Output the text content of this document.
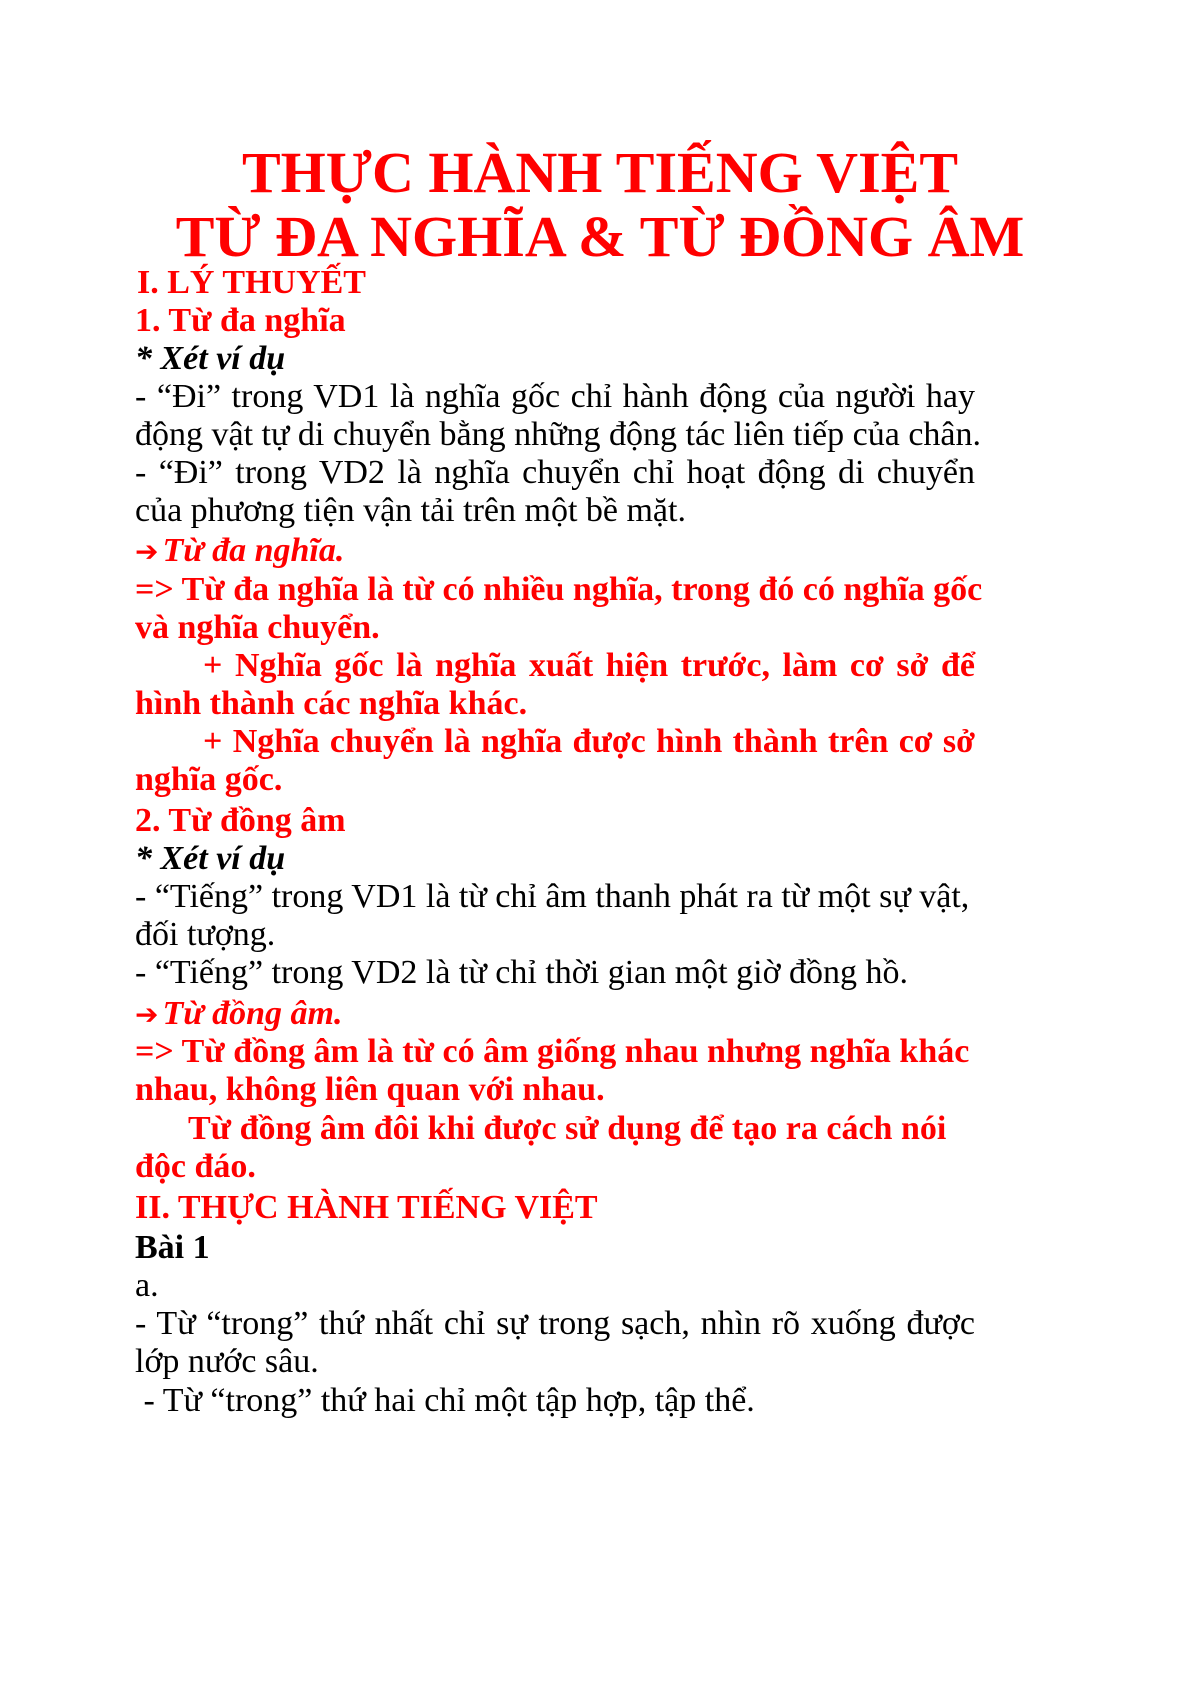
THỰC HÀNH TIẾNG VIỆT
TỪ ĐA NGHĨA & TỪ ĐỒNG ÂM
I. LÝ THUYẾT
1. Từ đa nghĩa
* Xét ví dụ
- “Đi” trong VD1 là nghĩa gốc chỉ hành động của người hay
động vật tự di chuyển bằng những động tác liên tiếp của chân.
- “Đi” trong VD2 là nghĩa chuyển chỉ hoạt động di chuyển
của phương tiện vận tải trên một bề mặt.
➔ Từ đa nghĩa.
=> Từ đa nghĩa là từ có nhiều nghĩa, trong đó có nghĩa gốc
và nghĩa chuyển.
+ Nghĩa gốc là nghĩa xuất hiện trước, làm cơ sở để
hình thành các nghĩa khác.
+ Nghĩa chuyển là nghĩa được hình thành trên cơ sở
nghĩa gốc.
2. Từ đồng âm
* Xét ví dụ
- “Tiếng” trong VD1 là từ chỉ âm thanh phát ra từ một sự vật,
đối tượng.
- “Tiếng” trong VD2 là từ chỉ thời gian một giờ đồng hồ.
➔ Từ đồng âm.
=> Từ đồng âm là từ có âm giống nhau nhưng nghĩa khác
nhau, không liên quan với nhau.
Từ đồng âm đôi khi được sử dụng để tạo ra cách nói
độc đáo.
II. THỰC HÀNH TIẾNG VIỆT
Bài 1
a.
- Từ “trong” thứ nhất chỉ sự trong sạch, nhìn rõ xuống được
lớp nước sâu.
- Từ “trong” thứ hai chỉ một tập hợp, tập thể.
